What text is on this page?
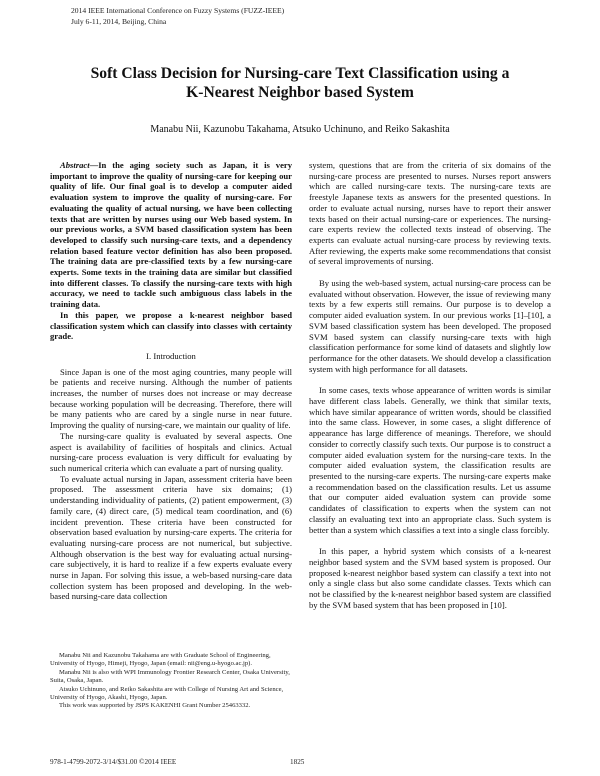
2014 IEEE International Conference on Fuzzy Systems (FUZZ-IEEE)
July 6-11, 2014, Beijing, China
Soft Class Decision for Nursing-care Text Classification using a
K-Nearest Neighbor based System
Manabu Nii, Kazunobu Takahama, Atsuko Uchinuno, and Reiko Sakashita

Abstract—In the aging society such as Japan, it is very important to improve the quality of nursing-care for keeping our quality of life. Our final goal is to develop a computer aided evaluation system to improve the quality of nursing-care. For evaluating the quality of actual nursing, we have been collecting texts that are written by nurses using our Web based system. In our previous works, a SVM based classification system has been developed to classify such nursing-care texts, and a dependency relation based feature vector definition has also been proposed. The training data are pre-classified texts by a few nursing-care experts. Some texts in the training data are similar but classified into different classes. To classify the nursing-care texts with high accuracy, we need to tackle such ambiguous class labels in the training data.

In this paper, we propose a k-nearest neighbor based classification system which can classify into classes with certainty grade.

I. Introduction

Since Japan is one of the most aging countries, many people will be patients and receive nursing. Although the number of patients increases, the number of nurses does not increase or may decrease because working population will be decreasing. Therefore, there will be many patients who are cared by a single nurse in near future. Improving the quality of nursing-care, we maintain our quality of life.

The nursing-care quality is evaluated by several aspects. One aspect is availability of facilities of hospitals and clinics. Actual nursing-care process evaluation is very difficult for evaluating by such numerical criteria which can evaluate a part of nursing quality.

To evaluate actual nursing in Japan, assessment criteria have been proposed. The assessment criteria have six domains; (1) understanding individuality of patients, (2) patient empowerment, (3) family care, (4) direct care, (5) medical team coordination, and (6) incident prevention. These criteria have been constructed for observation based evaluation by nursing-care experts. The criteria for evaluating nursing-care process are not numerical, but subjective. Although observation is the best way for evaluating actual nursing-care subjectively, it is hard to realize if a few experts evaluate every nurse in Japan. For solving this issue, a web-based nursing-care data collection system has been proposed and developing. In the web-based nursing-care data collection

Manabu Nii and Kazunobu Takahama are with Graduate School of Engineering, University of Hyogo, Himeji, Hyogo, Japan (email: nii@eng.u-hyogo.ac.jp).
Manabu Nii is also with WPI Immunology Frontier Research Center, Osaka University, Suita, Osaka, Japan.
Atsuko Uchinuno, and Reiko Sakashita are with College of Nursing Art and Science, University of Hyogo, Akashi, Hyogo, Japan.
This work was supported by JSPS KAKENHI Grant Number 25463332.

system, questions that are from the criteria of six domains of the nursing-care process are presented to nurses. Nurses report answers which are called nursing-care texts. The nursing-care texts are freestyle Japanese texts as answers for the presented questions. In order to evaluate actual nursing, nurses have to report their answer texts based on their actual nursing-care or experiences. The nursing-care experts review the collected texts instead of observing. The experts can evaluate actual nursing-care process by reviewing texts. After reviewing, the experts make some recommendations that consist of several improvements of nursing.

By using the web-based system, actual nursing-care process can be evaluated without observation. However, the issue of reviewing many texts by a few experts still remains. Our purpose is to develop a computer aided evaluation system. In our previous works [1]–[10], a SVM based classification system has been developed. The proposed SVM based system can classify nursing-care texts with high classification performance for some kind of datasets and slightly low performance for the other datasets. We should develop a classification system with high performance for all datasets.

In some cases, texts whose appearance of written words is similar have different class labels. Generally, we think that similar texts, which have similar appearance of written words, should be classified into the same class. However, in some cases, a slight difference of appearance has large difference of meanings. Therefore, we should consider to correctly classify such texts. Our purpose is to construct a computer aided evaluation system for the nursing-care texts. In the computer aided evaluation system, the classification results are presented to the nursing-care experts. The nursing-care experts make a recommendation based on the classification results. Let us assume that our computer aided evaluation system can provide some candidates of classification to experts when the system can not classify an evaluating text into an appropriate class. Such system is better than a system which classifies a text into a single class forcibly.

In this paper, a hybrid system which consists of a k-nearest neighbor based system and the SVM based system is proposed. Our proposed k-nearest neighbor based system can classify a text into not only a single class but also some candidate classes. Texts which can not be classified by the k-nearest neighbor based system are classified by the SVM based system that has been proposed in [10].

978-1-4799-2072-3/14/$31.00 ©2014 IEEE	1825
